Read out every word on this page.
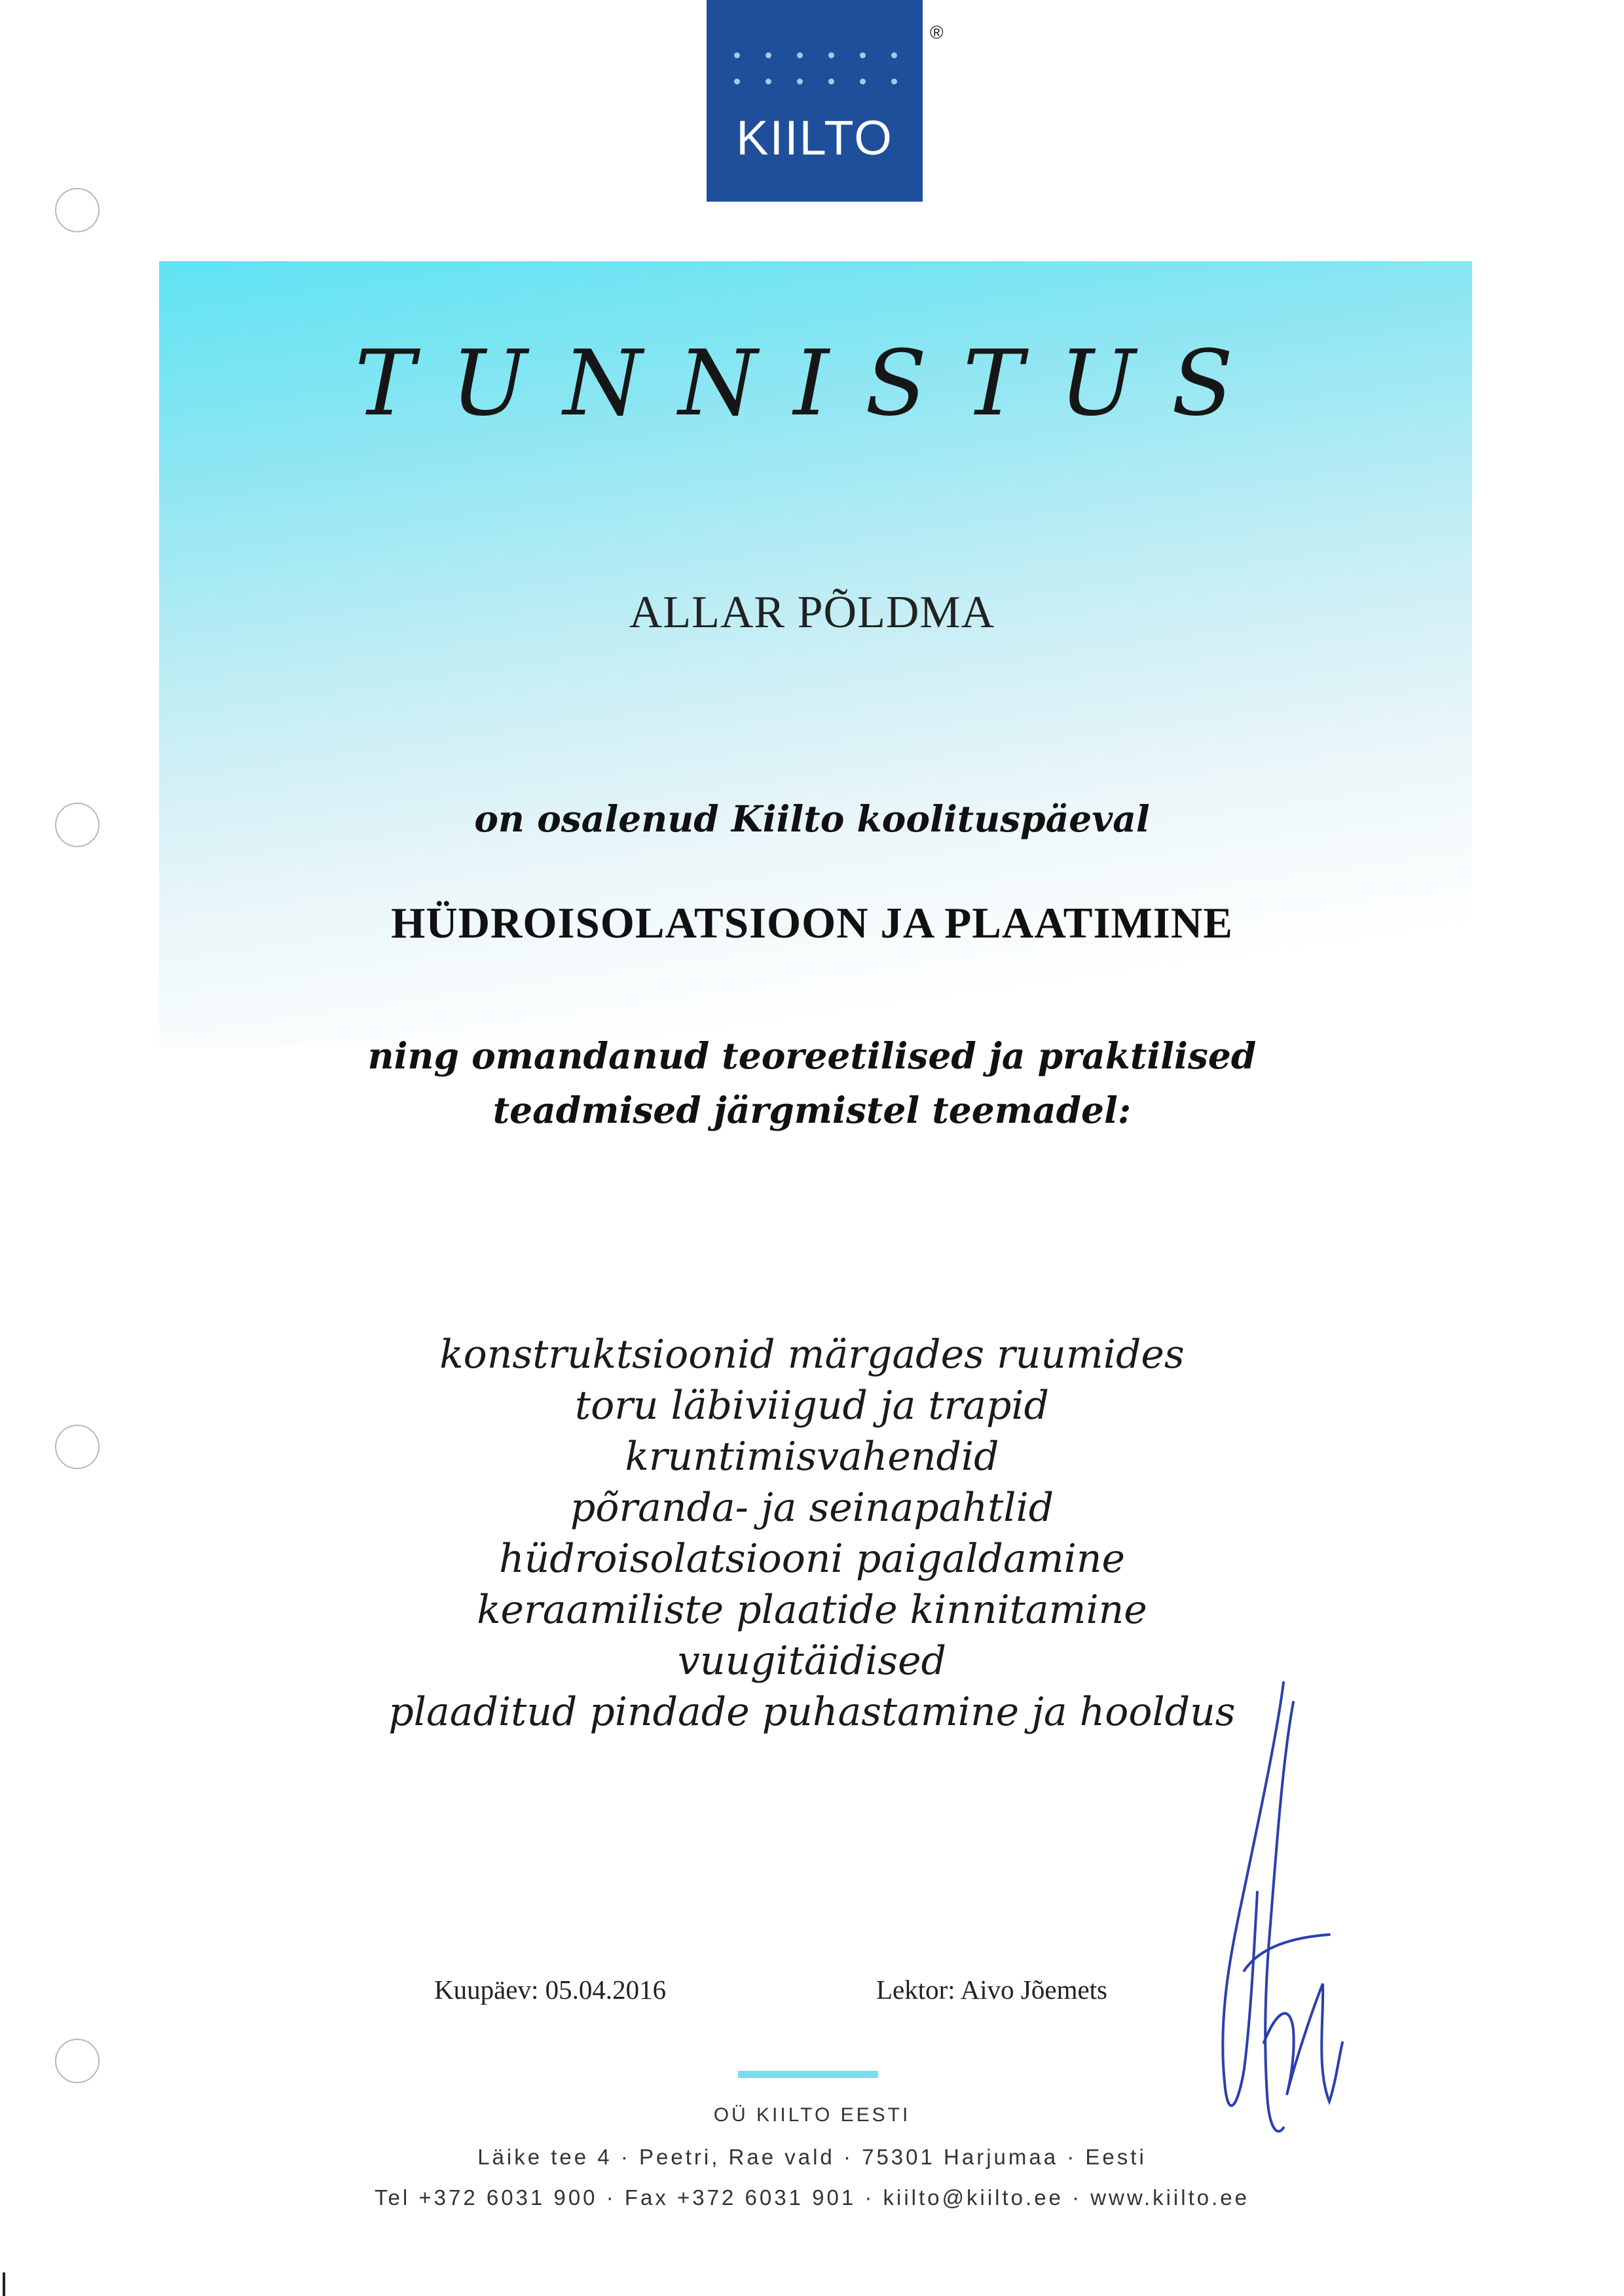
KIILTO
®
TUNNISTUS
ALLAR PÕLDMA
on osalenud Kiilto koolituspäeval
HÜDROISOLATSIOON JA PLAATIMINE
ning omandanud teoreetilised ja praktilised
teadmised järgmistel teemadel:
konstruktsioonid märgades ruumides
toru läbiviigud ja trapid
kruntimisvahendid
põranda- ja seinapahtlid
hüdroisolatsiooni paigaldamine
keraamiliste plaatide kinnitamine
vuugitäidised
plaaditud pindade puhastamine ja hooldus
Kuupäev: 05.04.2016	Lektor: Aivo Jõemets
OÜ KIILTO EESTI
Läike tee 4 · Peetri, Rae vald · 75301 Harjumaa · Eesti
Tel +372 6031 900 · Fax +372 6031 901 · kiilto@kiilto.ee · www.kiilto.ee
